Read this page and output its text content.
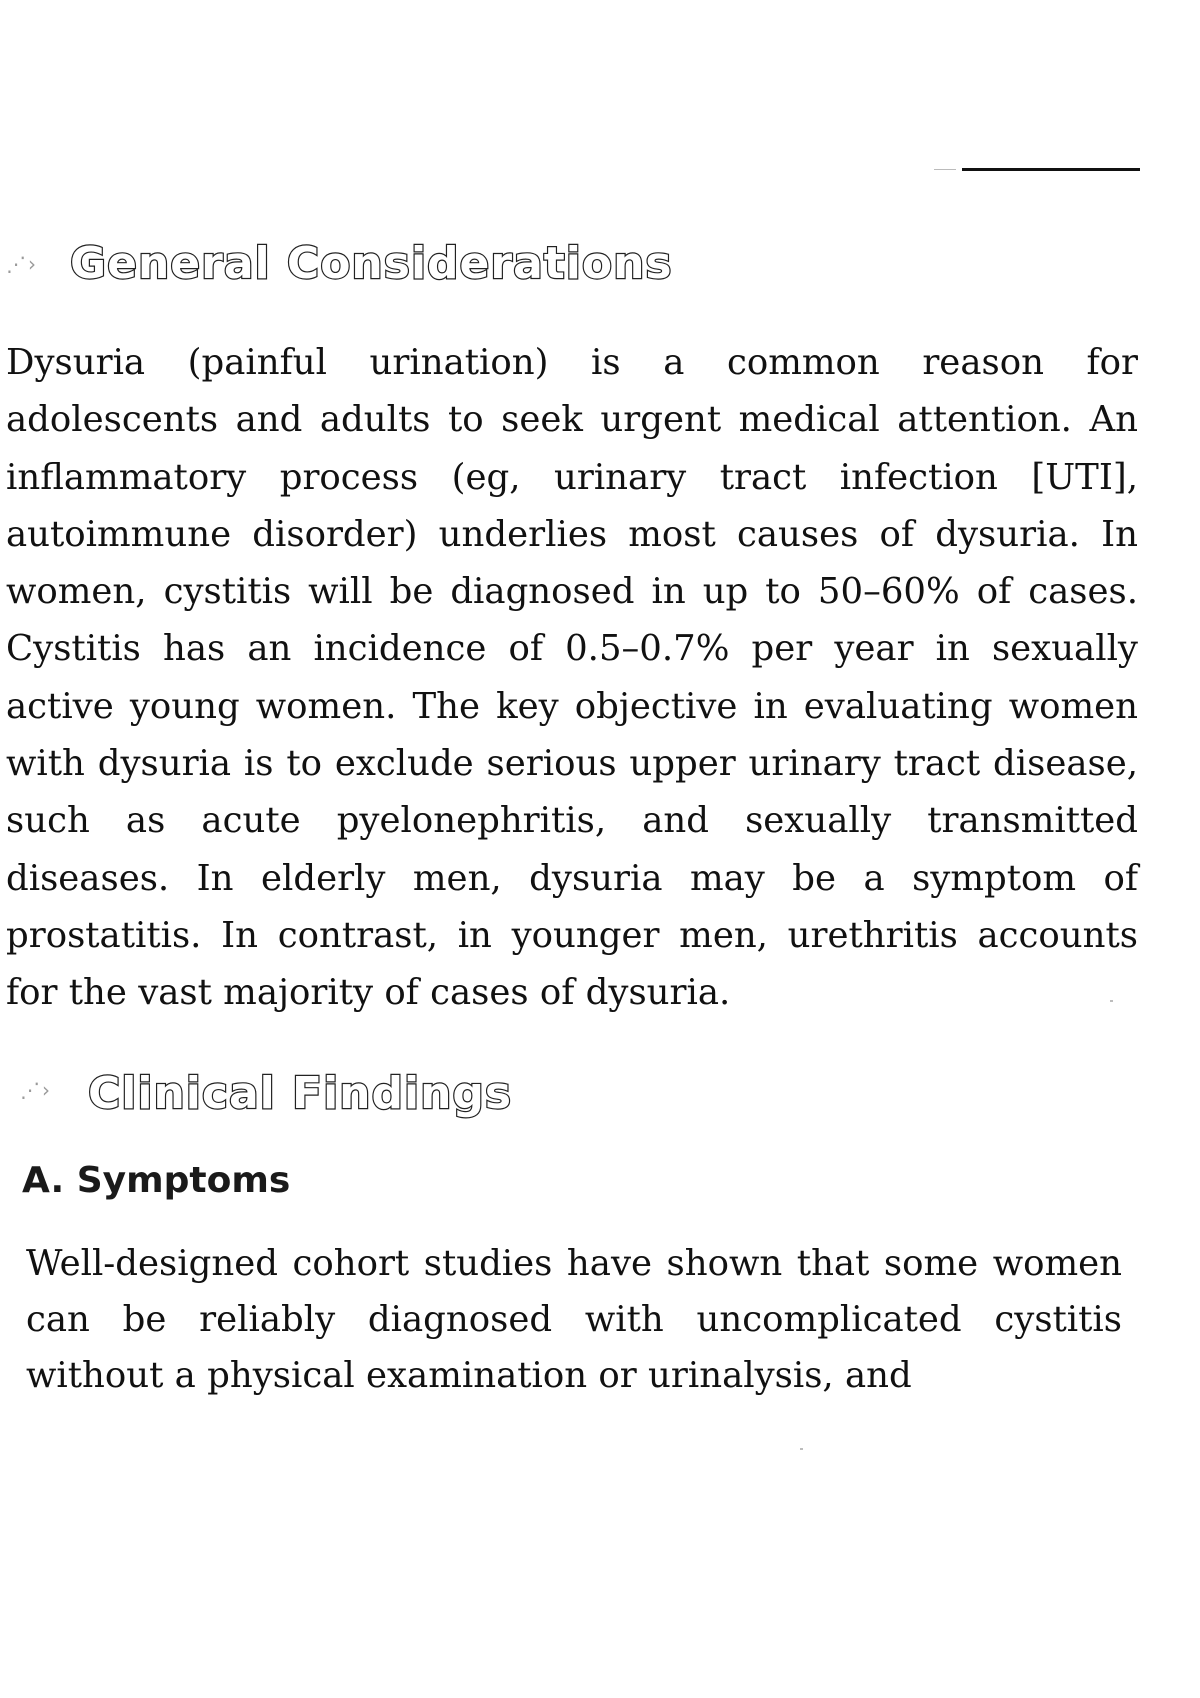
⋰› General Considerations

Dysuria (painful urination) is a common reason for adolescents and adults to seek urgent medical attention. An inflammatory process (eg, urinary tract infection [UTI], autoimmune disorder) underlies most causes of dysuria. In women, cystitis will be diagnosed in up to 50–60% of cases. Cystitis has an incidence of 0.5–0.7% per year in sexually active young women. The key objective in evaluating women with dysuria is to exclude serious upper urinary tract disease, such as acute pyelonephritis, and sexually transmitted diseases. In elderly men, dysuria may be a symptom of prostatitis. In contrast, in younger men, urethritis accounts for the vast majority of cases of dysuria.

⋰› Clinical Findings
A. Symptoms

Well-designed cohort studies have shown that some women can be reliably diagnosed with uncomplicated cystitis without a physical examination or urinalysis, and
